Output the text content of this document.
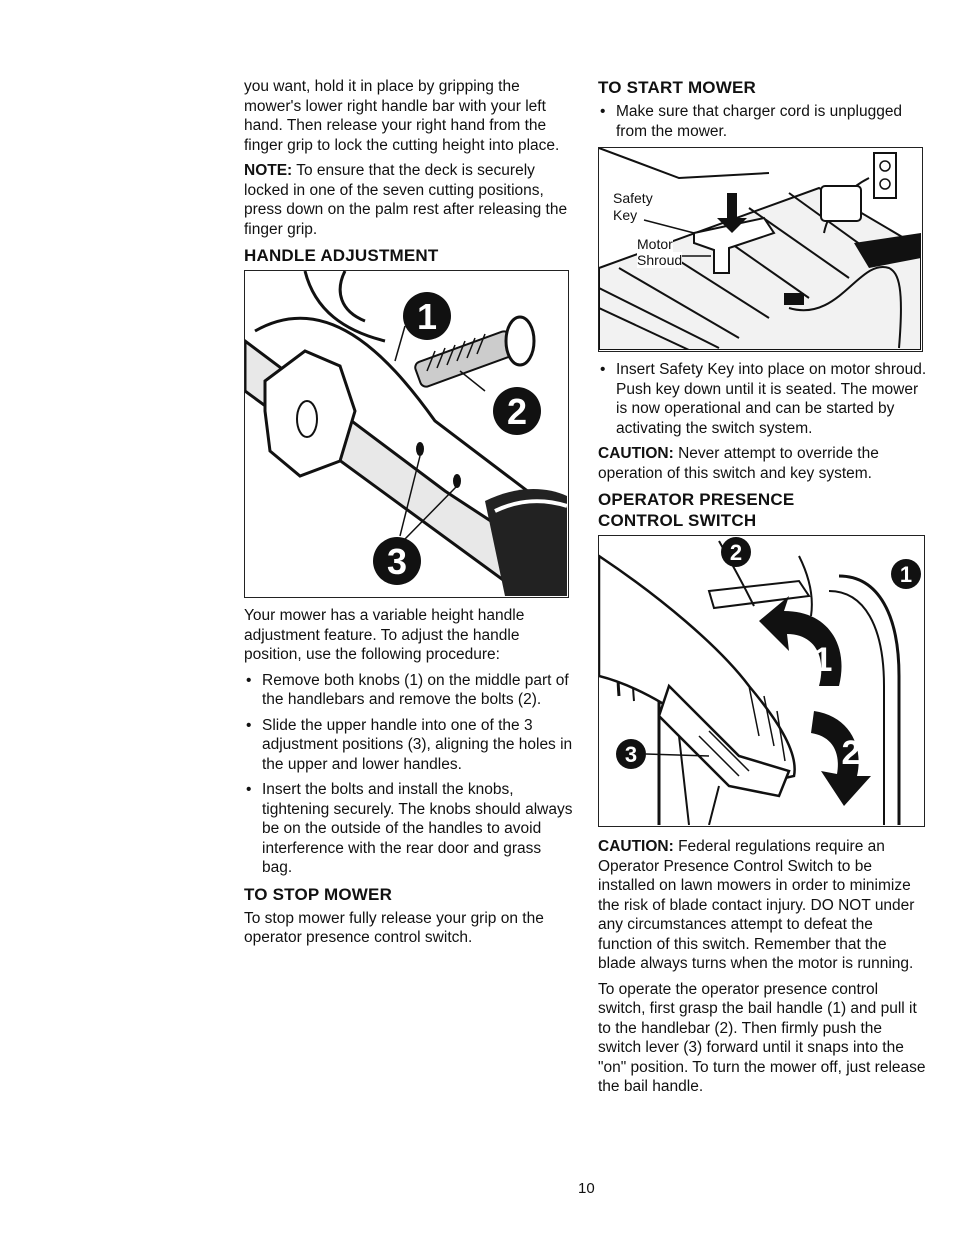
you want, hold it in place by gripping the mower's lower right handle bar with your left hand. Then release your right hand from the finger grip to lock the cutting height into place.

NOTE: To ensure that the deck is securely locked in one of the seven cutting positions, press down on the palm rest after releasing the finger grip.

HANDLE ADJUSTMENT
1
2
3

Your mower has a variable height handle adjustment feature. To adjust the handle position, use the following procedure:

• Remove both knobs (1) on the middle part of the handlebars and remove the bolts (2).
• Slide the upper handle into one of the 3 adjustment positions (3), aligning the holes in the upper and lower handles.
• Insert the bolts and install the knobs, tightening securely. The knobs should always be on the outside of the handles to avoid interference with the rear door and grass bag.
TO STOP MOWER

To stop mower fully release your grip on the operator presence control switch.

TO START MOWER
• Make sure that charger cord is unplugged from the mower.
Safety
Key
Motor
Shroud
• Insert Safety Key into place on motor shroud. Push key down until it is seated. The mower is now operational and can be started by activating the switch system.

CAUTION: Never attempt to override the operation of this switch and key system.

OPERATOR PRESENCE
CONTROL SWITCH
1
2
2
1
3

CAUTION: Federal regulations require an Operator Presence Control Switch to be installed on lawn mowers in order to minimize the risk of blade contact injury. DO NOT under any circumstances attempt to defeat the function of this switch. Remember that the blade always turns when the motor is running.

To operate the operator presence control switch, first grasp the bail handle (1) and pull it to the handlebar (2). Then firmly push the switch lever (3) forward until it snaps into the "on" position. To turn the mower off, just release the bail handle.

10
